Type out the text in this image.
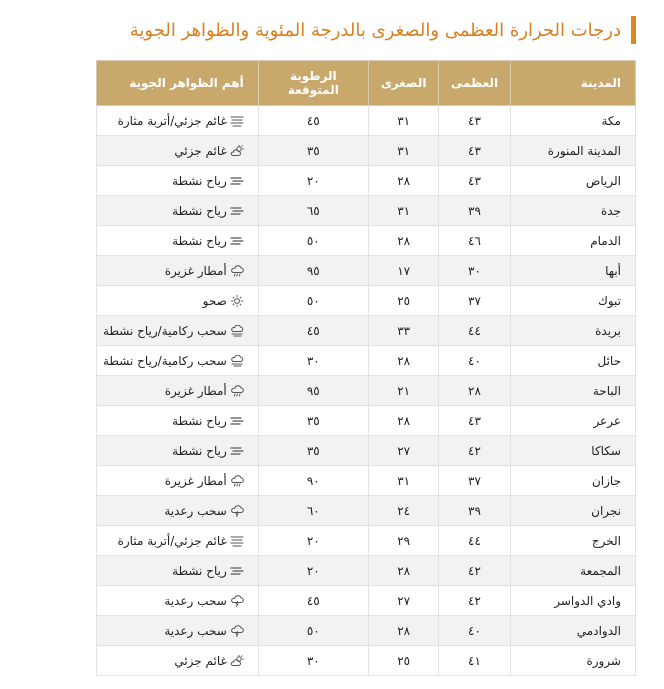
درجات الحرارة العظمى والصغرى بالدرجة المئوية والظواهر الجوية
المدينة	العظمى	الصغرى	الرطوبة المتوقعة	أهم الظواهر الجوية
مكة	٤٣	٣١	٤٥	غائم جزئي/أتربة مثارة
المدينة المنورة	٤٣	٣١	٣٥	غائم جزئي
الرياض	٤٣	٢٨	٢٠	رياح نشطة
جدة	٣٩	٣١	٦٥	رياح نشطة
الدمام	٤٦	٢٨	٥٠	رياح نشطة
أبها	٣٠	١٧	٩٥	أمطار غزيرة
تبوك	٣٧	٢٥	٥٠	صحو
بريدة	٤٤	٣٣	٤٥	سحب ركامية/رياح نشطة
حائل	٤٠	٢٨	٣٠	سحب ركامية/رياح نشطة
الباحة	٢٨	٢١	٩٥	أمطار غزيرة
عرعر	٤٣	٢٨	٣٥	رياح نشطة
سكاكا	٤٢	٢٧	٣٥	رياح نشطة
جازان	٣٧	٣١	٩٠	أمطار غزيرة
نجران	٣٩	٢٤	٦٠	سحب رعدية
الخرج	٤٤	٢٩	٢٠	غائم جزئي/أتربة مثارة
المجمعة	٤٢	٢٨	٢٠	رياح نشطة
وادي الدواسر	٤٢	٢٧	٤٥	سحب رعدية
الدوادمي	٤٠	٢٨	٥٠	سحب رعدية
شرورة	٤١	٢٥	٣٠	غائم جزئي
